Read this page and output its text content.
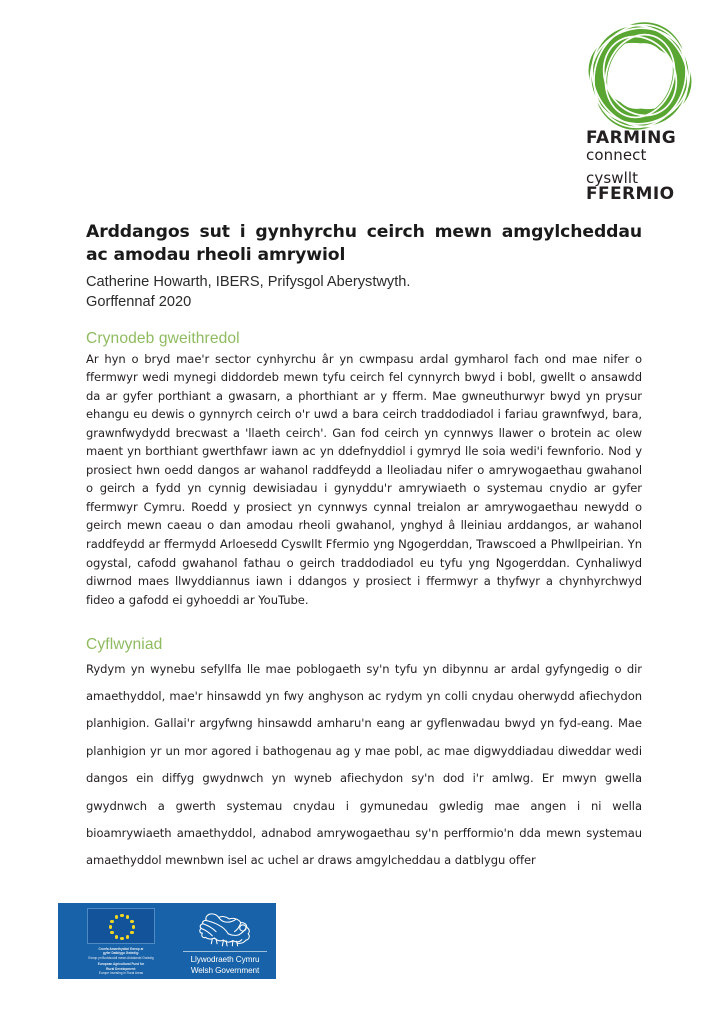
FARMING
connect
cyswllt
FFERMIO
Arddangos sut i gynhyrchu ceirch mewn amgylcheddau ac amodau rheoli amrywiol
Catherine Howarth, IBERS, Prifysgol Aberystwyth.
Gorffennaf 2020
Crynodeb gweithredol

Ar hyn o bryd mae'r sector cynhyrchu âr yn cwmpasu ardal gymharol fach ond mae nifer o ffermwyr wedi mynegi diddordeb mewn tyfu ceirch fel cynnyrch bwyd i bobl, gwellt o ansawdd da ar gyfer porthiant a gwasarn, a phorthiant ar y fferm. Mae gwneuthurwyr bwyd yn prysur ehangu eu dewis o gynnyrch ceirch o'r uwd a bara ceirch traddodiadol i fariau grawnfwyd, bara, grawnfwydydd brecwast a 'llaeth ceirch'. Gan fod ceirch yn cynnwys llawer o brotein ac olew maent yn borthiant gwerthfawr iawn ac yn ddefnyddiol i gymryd lle soia wedi'i fewnforio. Nod y prosiect hwn oedd dangos ar wahanol raddfeydd a lleoliadau nifer o amrywogaethau gwahanol o geirch a fydd yn cynnig dewisiadau i gynyddu'r amrywiaeth o systemau cnydio ar gyfer ffermwyr Cymru. Roedd y prosiect yn cynnwys cynnal treialon ar amrywogaethau newydd o geirch mewn caeau o dan amodau rheoli gwahanol, ynghyd â lleiniau arddangos, ar wahanol raddfeydd ar ffermydd Arloesedd Cyswllt Ffermio yng Ngogerddan, Trawscoed a Phwllpeirian. Yn ogystal, cafodd gwahanol fathau o geirch traddodiadol eu tyfu yng Ngogerddan. Cynhaliwyd diwrnod maes llwyddiannus iawn i ddangos y prosiect i ffermwyr a thyfwyr a chynhyrchwyd fideo a gafodd ei gyhoeddi ar YouTube.

Cyflwyniad

Rydym yn wynebu sefyllfa lle mae poblogaeth sy'n tyfu yn dibynnu ar ardal gyfyngedig o dir amaethyddol, mae'r hinsawdd yn fwy anghyson ac rydym yn colli cnydau oherwydd afiechydon planhigion. Gallai'r argyfwng hinsawdd amharu'n eang ar gyflenwadau bwyd yn fyd-eang. Mae planhigion yr un mor agored i bathogenau ag y mae pobl, ac mae digwyddiadau diweddar wedi dangos ein diffyg gwydnwch yn wyneb afiechydon sy'n dod i'r amlwg. Er mwyn gwella gwydnwch a gwerth systemau cnydau i gymunedau gwledig mae angen i ni wella bioamrywiaeth amaethyddol, adnabod amrywogaethau sy'n perfformio'n dda mewn systemau amaethyddol mewnbwn isel ac uchel ar draws amgylcheddau a datblygu offer

Cronfa Amaethyddol Ewrop ar
gyfer Datblygu Gwledig:
Ewrop yn Buddsoddi mewn Ardaloedd Gwledig
European Agricultural Fund for
Rural Development:
Europe Investing in Rural Areas
Llywodraeth Cymru
Welsh Government
